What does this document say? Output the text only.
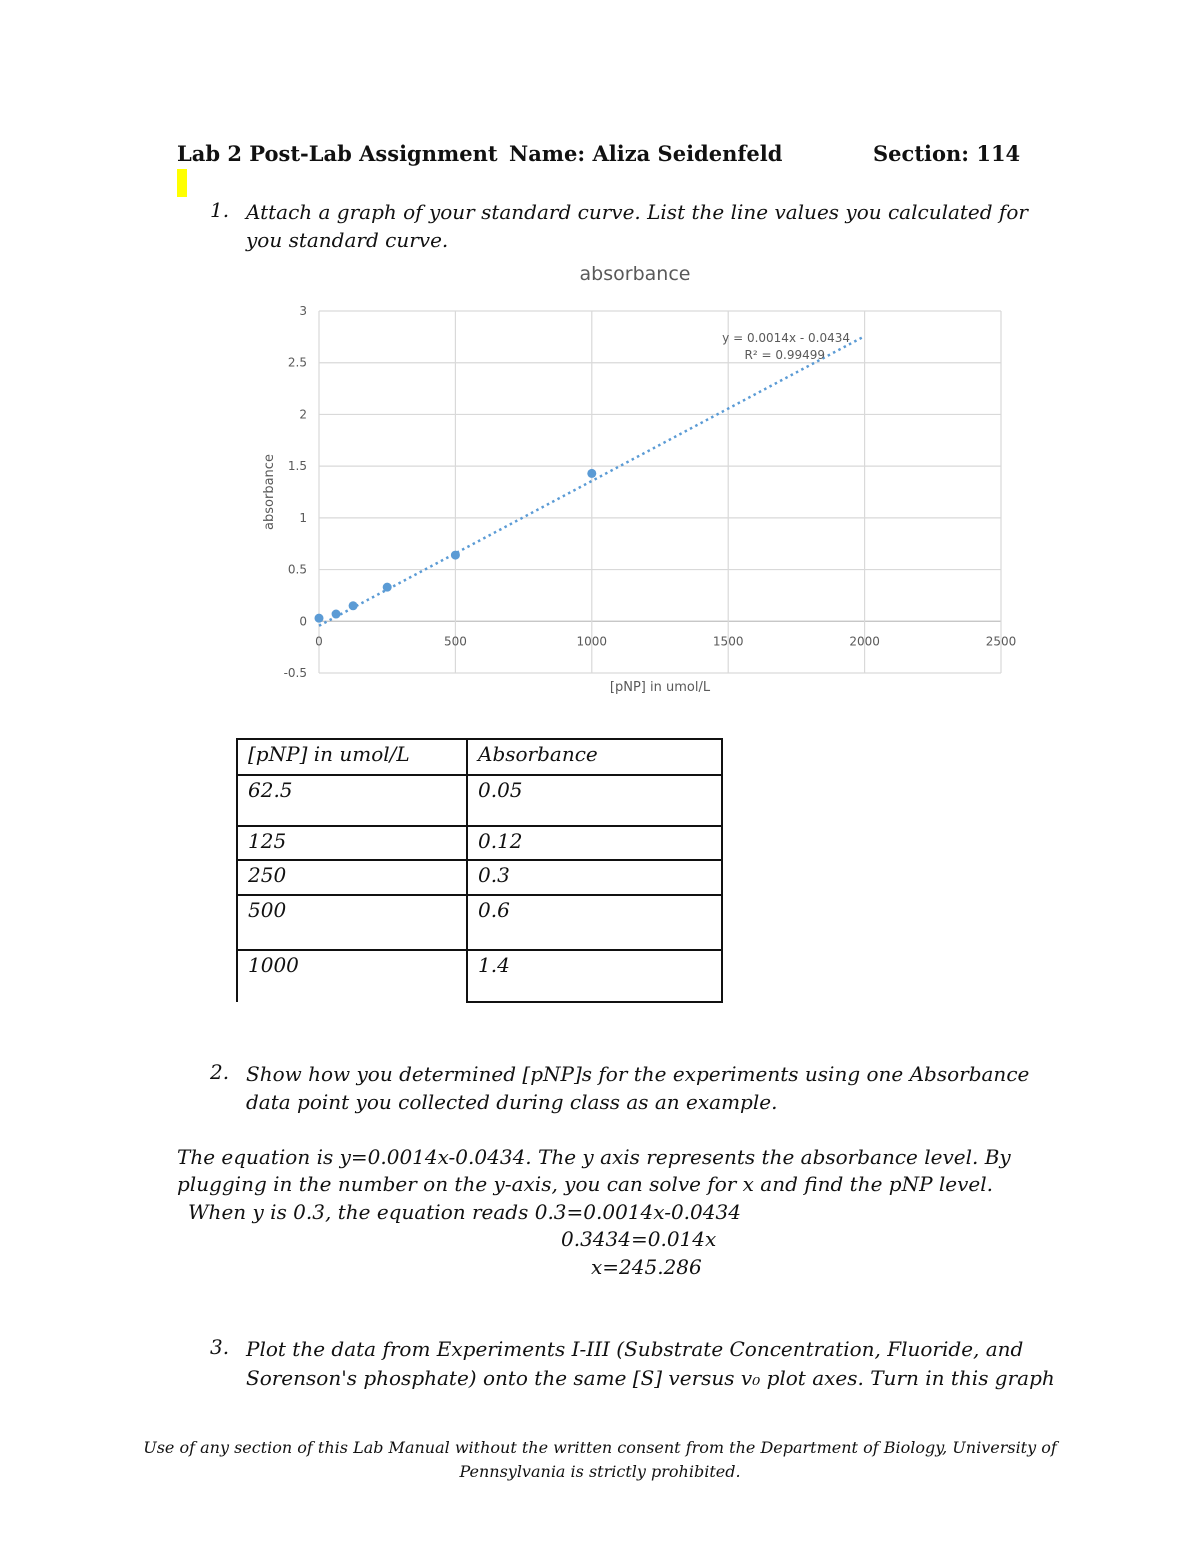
Lab 2 Post-Lab Assignment Name: Aliza Seidenfeld	Section: 114
1. Attach a graph of your standard curve. List the line values you calculated for
you standard curve.
absorbance
-0.5
0
0.5
1
1.5
2
2.5
3
0	500	1000	1500	2000	2500
absorbance
[pNP] in umol/L
y = 0.0014x - 0.0434
R² = 0.99499
[pNP] in umol/L	Absorbance
62.5	0.05
125	0.12
250	0.3
500	0.6
1000	1.4
2. Show how you determined [pNP]s for the experiments using one Absorbance
data point you collected during class as an example.
The equation is y=0.0014x-0.0434. The y axis represents the absorbance level. By
plugging in the number on the y-axis, you can solve for x and find the pNP level.
When y is 0.3, the equation reads 0.3=0.0014x-0.0434
0.3434=0.014x
x=245.286
3. Plot the data from Experiments I-III (Substrate Concentration, Fluoride, and
Sorenson's phosphate) onto the same [S] versus v₀ plot axes. Turn in this graph
Use of any section of this Lab Manual without the written consent from the Department of Biology, University of
Pennsylvania is strictly prohibited.
